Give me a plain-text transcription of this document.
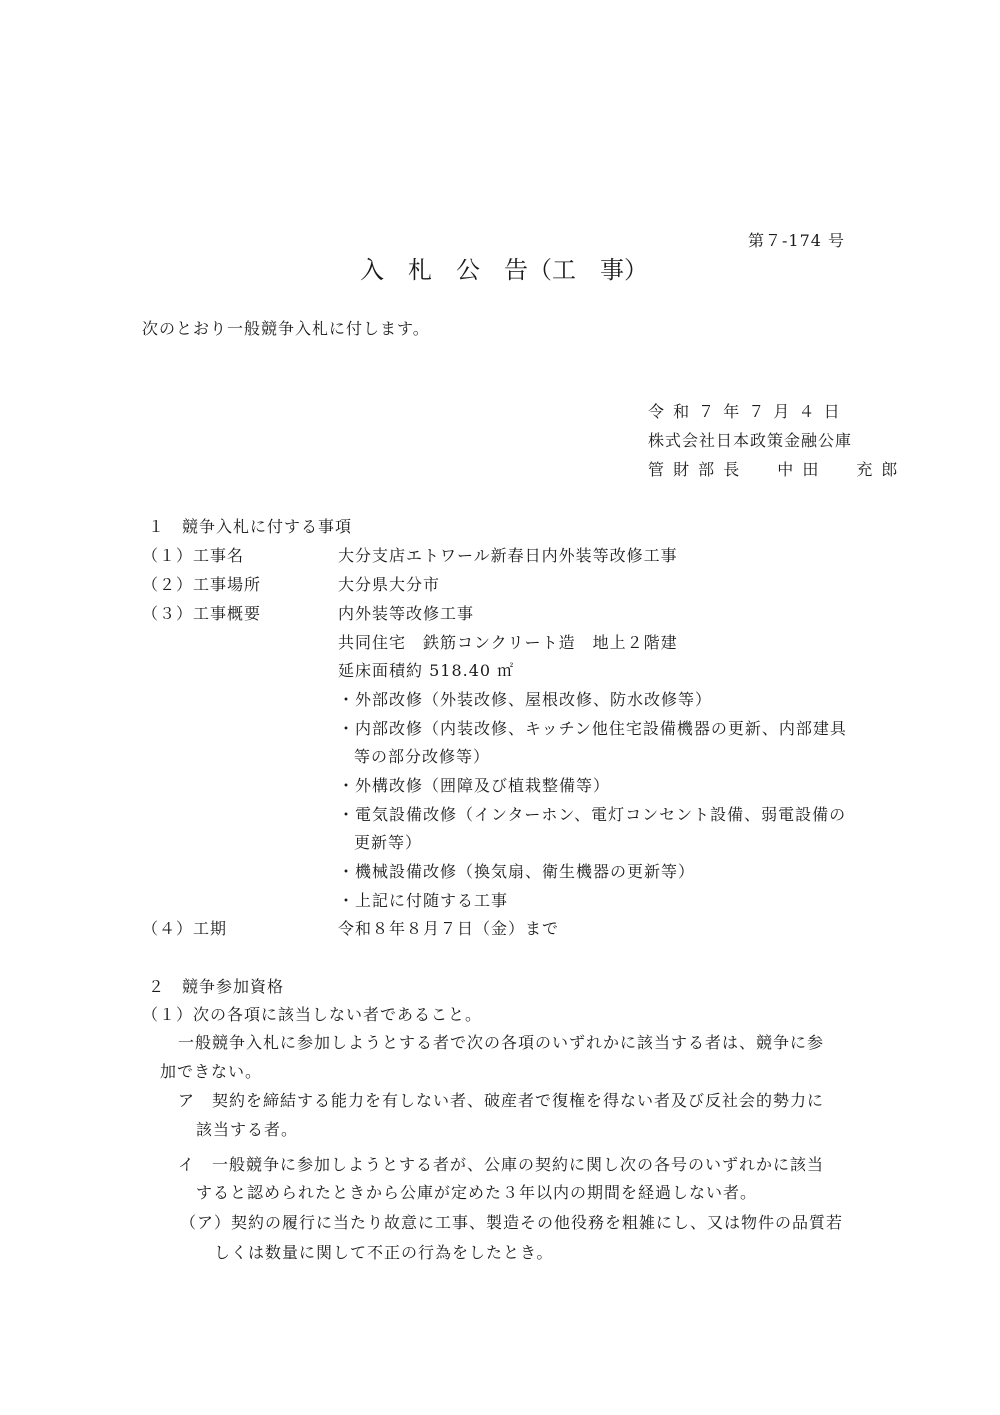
第７-174 号
入　札　公　告（工　事）
次のとおり一般競争入札に付します。
令 和 ７ 年 ７ 月 ４ 日
株式会社日本政策金融公庫
管 財 部 長　　中 田　　充 郎
１　競争入札に付する事項
（１）工事名	大分支店エトワール新春日内外装等改修工事
（２）工事場所	大分県大分市
（３）工事概要	内外装等改修工事
共同住宅　鉄筋コンクリート造　地上２階建
延床面積約 518.40 ㎡
・外部改修（外装改修、屋根改修、防水改修等）
・内部改修（内装改修、キッチン他住宅設備機器の更新、内部建具
等の部分改修等）
・外構改修（囲障及び植栽整備等）
・電気設備改修（インターホン、電灯コンセント設備、弱電設備の
更新等）
・機械設備改修（換気扇、衛生機器の更新等）
・上記に付随する工事
（４）工期	令和８年８月７日（金）まで
２　競争参加資格
（１）次の各項に該当しない者であること。
一般競争入札に参加しようとする者で次の各項のいずれかに該当する者は、競争に参
加できない。
ア　契約を締結する能力を有しない者、破産者で復権を得ない者及び反社会的勢力に
該当する者。
イ　一般競争に参加しようとする者が、公庫の契約に関し次の各号のいずれかに該当
すると認められたときから公庫が定めた３年以内の期間を経過しない者。
（ア）契約の履行に当たり故意に工事、製造その他役務を粗雑にし、又は物件の品質若
しくは数量に関して不正の行為をしたとき。
